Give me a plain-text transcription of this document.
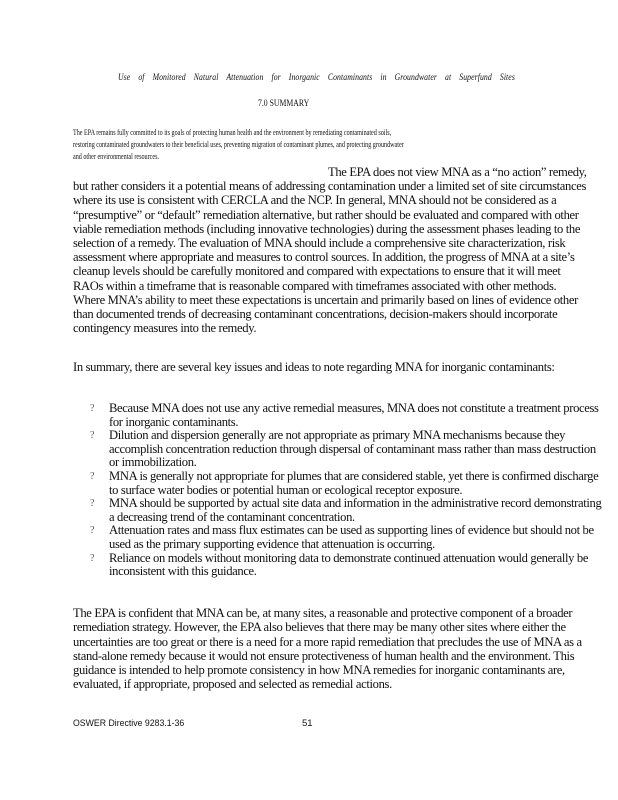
Use of Monitored Natural Attenuation for Inorganic Contaminants in Groundwater at Superfund Sites
7.0 SUMMARY
The EPA remains fully committed to its goals of protecting human health and the environment by remediating contaminated soils, restoring contaminated groundwaters to their beneficial uses, preventing migration of contaminant plumes, and protecting groundwater and other environmental resources.
The EPA does not view MNA as a “no action” remedy, but rather considers it a potential means of addressing contamination under a limited set of site circumstances where its use is consistent with CERCLA and the NCP. In general, MNA should not be considered as a “presumptive” or “default” remediation alternative, but rather should be evaluated and compared with other viable remediation methods (including innovative technologies) during the assessment phases leading to the selection of a remedy. The evaluation of MNA should include a comprehensive site characterization, risk assessment where appropriate and measures to control sources. In addition, the progress of MNA at a site’s cleanup levels should be carefully monitored and compared with expectations to ensure that it will meet RAOs within a timeframe that is reasonable compared with timeframes associated with other methods. Where MNA’s ability to meet these expectations is uncertain and primarily based on lines of evidence other than documented trends of decreasing contaminant concentrations, decision-makers should incorporate contingency measures into the remedy.
In summary, there are several key issues and ideas to note regarding MNA for inorganic contaminants:
? Because MNA does not use any active remedial measures, MNA does not constitute a treatment process for inorganic contaminants.
? Dilution and dispersion generally are not appropriate as primary MNA mechanisms because they accomplish concentration reduction through dispersal of contaminant mass rather than mass destruction or immobilization.
? MNA is generally not appropriate for plumes that are considered stable, yet there is confirmed discharge to surface water bodies or potential human or ecological receptor exposure.
? MNA should be supported by actual site data and information in the administrative record demonstrating a decreasing trend of the contaminant concentration.
? Attenuation rates and mass flux estimates can be used as supporting lines of evidence but should not be used as the primary supporting evidence that attenuation is occurring.
? Reliance on models without monitoring data to demonstrate continued attenuation would generally be inconsistent with this guidance.
The EPA is confident that MNA can be, at many sites, a reasonable and protective component of a broader remediation strategy. However, the EPA also believes that there may be many other sites where either the uncertainties are too great or there is a need for a more rapid remediation that precludes the use of MNA as a stand-alone remedy because it would not ensure protectiveness of human health and the environment. This guidance is intended to help promote consistency in how MNA remedies for inorganic contaminants are, evaluated, if appropriate, proposed and selected as remedial actions.
OSWER Directive 9283.1-36	51
